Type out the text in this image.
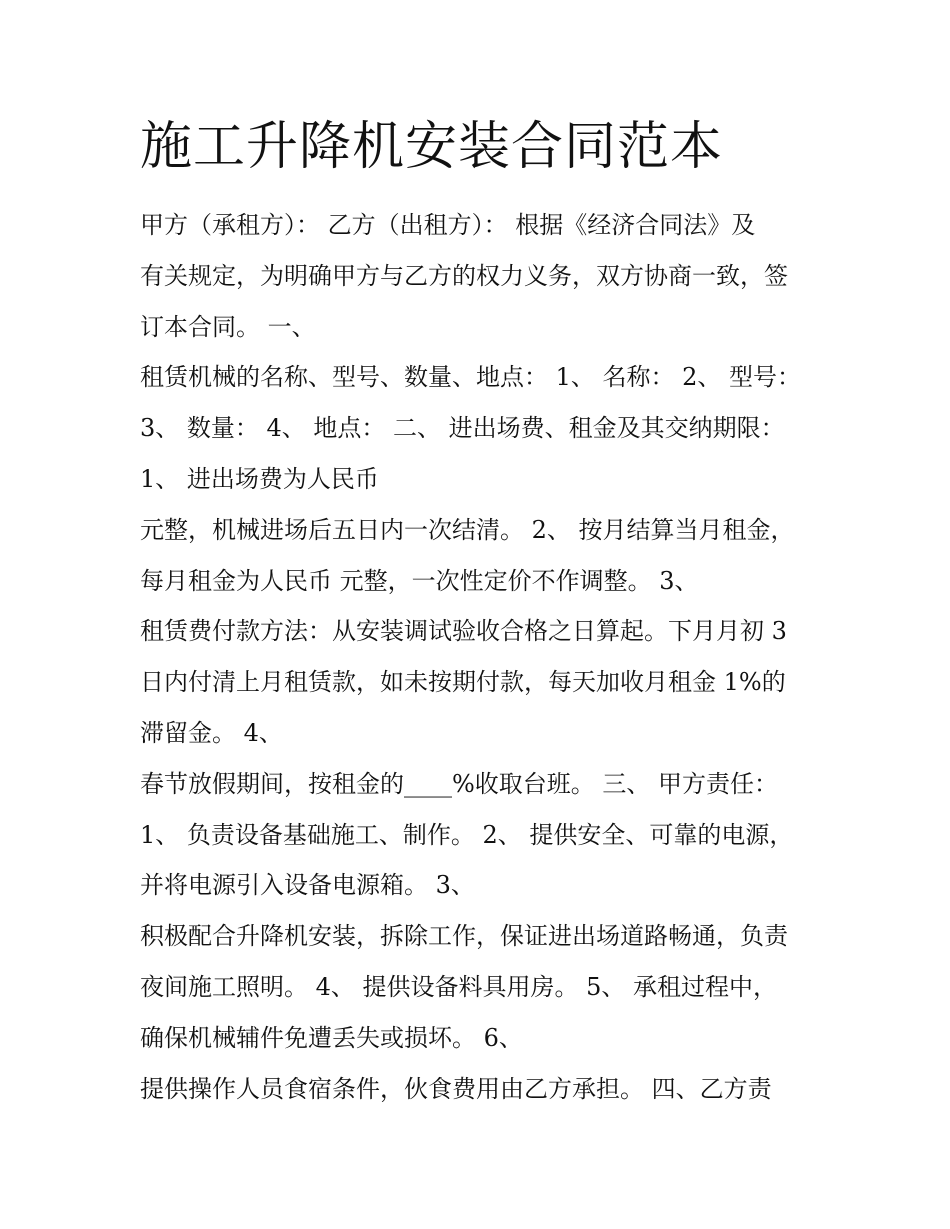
施工升降机安装合同范本
甲方（承租方）： 乙方（出租方）： 根据《经济合同法》及
有关规定，为明确甲方与乙方的权力义务，双方协商一致，签
订本合同。 一、
租赁机械的名称、型号、数量、地点： 1、 名称： 2、 型号：
3、 数量： 4、 地点： 二、 进出场费、租金及其交纳期限：
1、 进出场费为人民币
元整，机械进场后五日内一次结清。 2、 按月结算当月租金，
每月租金为人民币 元整，一次性定价不作调整。 3、
租赁费付款方法：从安装调试验收合格之日算起。下月月初 3
日内付清上月租赁款，如未按期付款，每天加收月租金 1%的
滞留金。 4、
春节放假期间，按租金的____%收取台班。 三、 甲方责任：
1、 负责设备基础施工、制作。 2、 提供安全、可靠的电源，
并将电源引入设备电源箱。 3、
积极配合升降机安装，拆除工作，保证进出场道路畅通，负责
夜间施工照明。 4、 提供设备料具用房。 5、 承租过程中，
确保机械辅件免遭丢失或损坏。 6、
提供操作人员食宿条件，伙食费用由乙方承担。 四、乙方责
